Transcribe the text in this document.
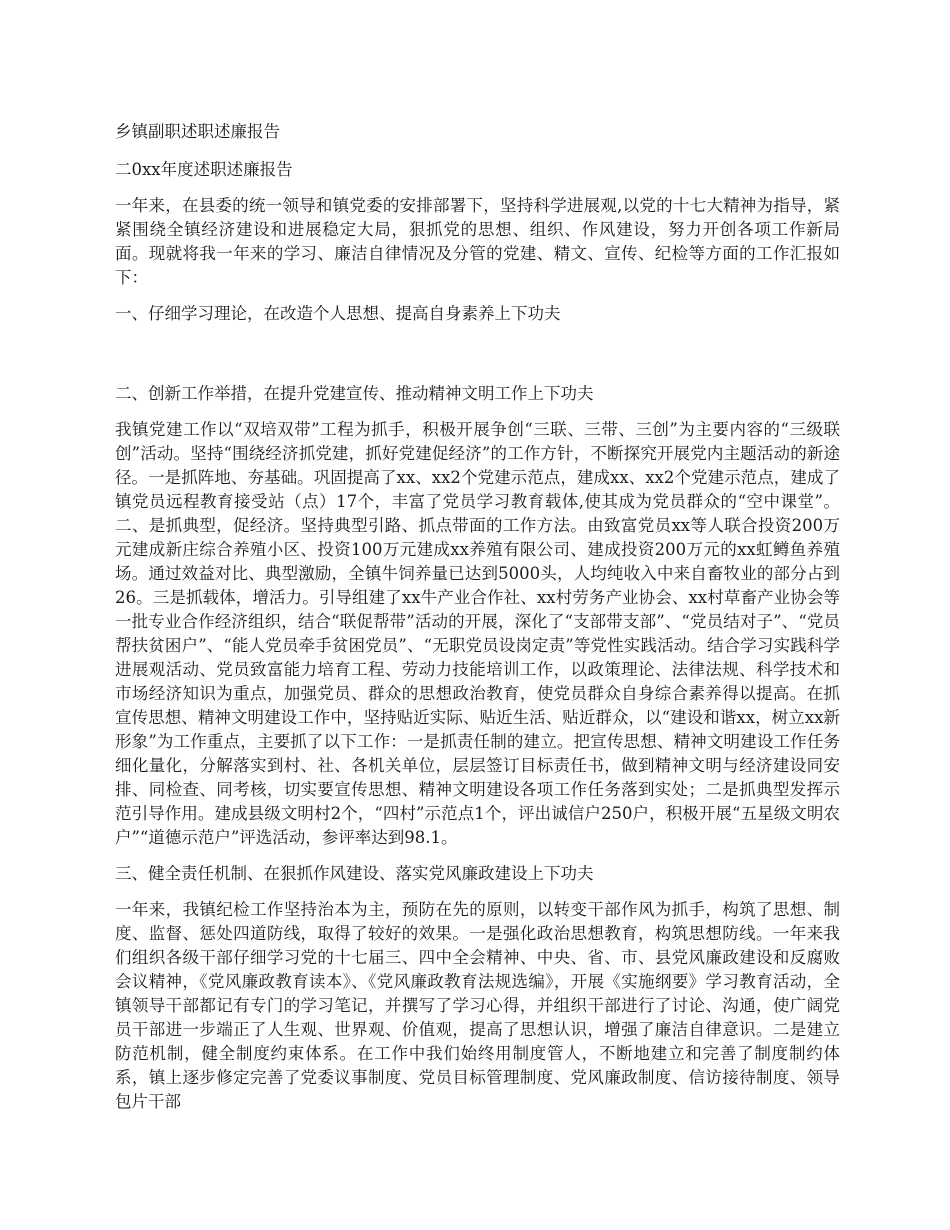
乡镇副职述职述廉报告

二0xx年度述职述廉报告

一年来，在县委的统一领导和镇党委的安排部署下，坚持科学进展观,以党的十七大精神为指导，紧紧围绕全镇经济建设和进展稳定大局，狠抓党的思想、组织、作风建设，努力开创各项工作新局面。现就将我一年来的学习、廉洁自律情况及分管的党建、精文、宣传、纪检等方面的工作汇报如下：

一、仔细学习理论，在改造个人思想、提高自身素养上下功夫

二、创新工作举措，在提升党建宣传、推动精神文明工作上下功夫

我镇党建工作以“双培双带”工程为抓手，积极开展争创“三联、三带、三创”为主要内容的“三级联创”活动。坚持“围绕经济抓党建，抓好党建促经济”的工作方针，不断探究开展党内主题活动的新途径。一是抓阵地、夯基础。巩固提高了xx、xx2个党建示范点，建成xx、xx2个党建示范点，建成了镇党员远程教育接受站（点）17个，丰富了党员学习教育载体,使其成为党员群众的“空中课堂”。二、是抓典型，促经济。坚持典型引路、抓点带面的工作方法。由致富党员xx等人联合投资200万元建成新庄综合养殖小区、投资100万元建成xx养殖有限公司、建成投资200万元的xx虹鳟鱼养殖场。通过效益对比、典型激励，全镇牛饲养量已达到5000头，人均纯收入中来自畜牧业的部分占到26。三是抓载体，增活力。引导组建了xx牛产业合作社、xx村劳务产业协会、xx村草畜产业协会等一批专业合作经济组织，结合“联促帮带”活动的开展，深化了“支部带支部”、“党员结对子”、“党员帮扶贫困户”、“能人党员牵手贫困党员”、“无职党员设岗定责”等党性实践活动。结合学习实践科学进展观活动、党员致富能力培育工程、劳动力技能培训工作，以政策理论、法律法规、科学技术和市场经济知识为重点，加强党员、群众的思想政治教育，使党员群众自身综合素养得以提高。在抓宣传思想、精神文明建设工作中，坚持贴近实际、贴近生活、贴近群众，以“建设和谐xx，树立xx新形象”为工作重点，主要抓了以下工作：一是抓责任制的建立。把宣传思想、精神文明建设工作任务细化量化，分解落实到村、社、各机关单位，层层签订目标责任书，做到精神文明与经济建设同安排、同检查、同考核，切实要宣传思想、精神文明建设各项工作任务落到实处；二是抓典型发挥示范引导作用。建成县级文明村2个，“四村”示范点1个，评出诚信户250户，积极开展“五星级文明农户”“道德示范户”评选活动，参评率达到98.1。

三、健全责任机制、在狠抓作风建设、落实党风廉政建设上下功夫

一年来，我镇纪检工作坚持治本为主，预防在先的原则，以转变干部作风为抓手，构筑了思想、制度、监督、惩处四道防线，取得了较好的效果。一是强化政治思想教育，构筑思想防线。一年来我们组织各级干部仔细学习党的十七届三、四中全会精神、中央、省、市、县党风廉政建设和反腐败会议精神，《党风廉政教育读本》、《党风廉政教育法规选编》，开展《实施纲要》学习教育活动，全镇领导干部都记有专门的学习笔记，并撰写了学习心得，并组织干部进行了讨论、沟通，使广阔党员干部进一步端正了人生观、世界观、价值观，提高了思想认识，增强了廉洁自律意识。二是建立防范机制，健全制度约束体系。在工作中我们始终用制度管人，不断地建立和完善了制度制约体系，镇上逐步修定完善了党委议事制度、党员目标管理制度、党风廉政制度、信访接待制度、领导包片干部
